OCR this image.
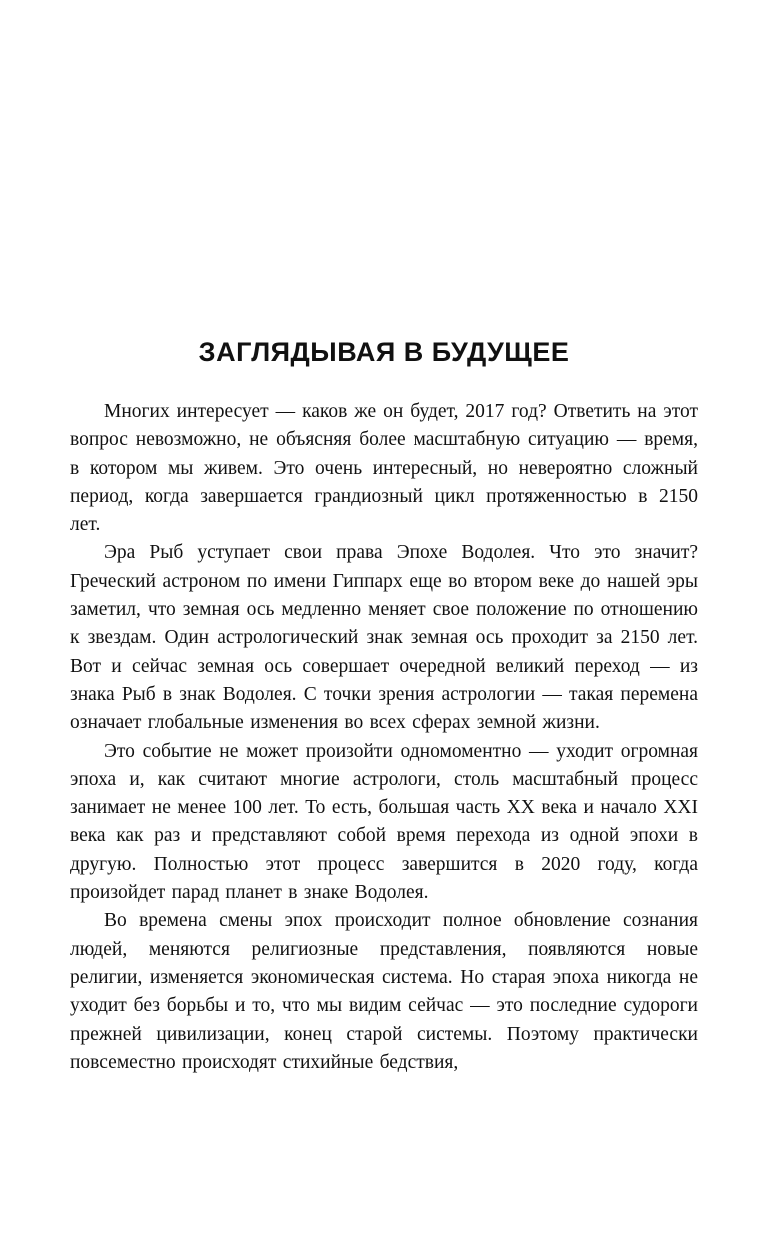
ЗАГЛЯДЫВАЯ В БУДУЩЕЕ

Многих интересует — каков же он будет, 2017 год? Ответить на этот вопрос невозможно, не объясняя более масштабную ситуацию — время, в котором мы живем. Это очень интересный, но невероятно сложный период, когда завершается грандиозный цикл протяженностью в 2150 лет.

Эра Рыб уступает свои права Эпохе Водолея. Что это значит? Греческий астроном по имени Гиппарх еще во втором веке до нашей эры заметил, что земная ось медленно меняет свое положение по отношению к звездам. Один астрологический знак земная ось проходит за 2150 лет. Вот и сейчас земная ось совершает очередной великий переход — из знака Рыб в знак Водолея. С точки зрения астрологии — такая перемена означает глобальные изменения во всех сферах земной жизни.

Это событие не может произойти одномоментно — уходит огромная эпоха и, как считают многие астрологи, столь масштабный процесс занимает не менее 100 лет. То есть, большая часть XX века и начало XXI века как раз и представляют собой время перехода из одной эпохи в другую. Полностью этот процесс завершится в 2020 году, когда произойдет парад планет в знаке Водолея.

Во времена смены эпох происходит полное обновление сознания людей, меняются религиозные представления, появляются новые религии, изменяется экономическая система. Но старая эпоха никогда не уходит без борьбы и то, что мы видим сейчас — это последние судороги прежней цивилизации, конец старой системы. Поэтому практически повсеместно происходят стихийные бедствия,
